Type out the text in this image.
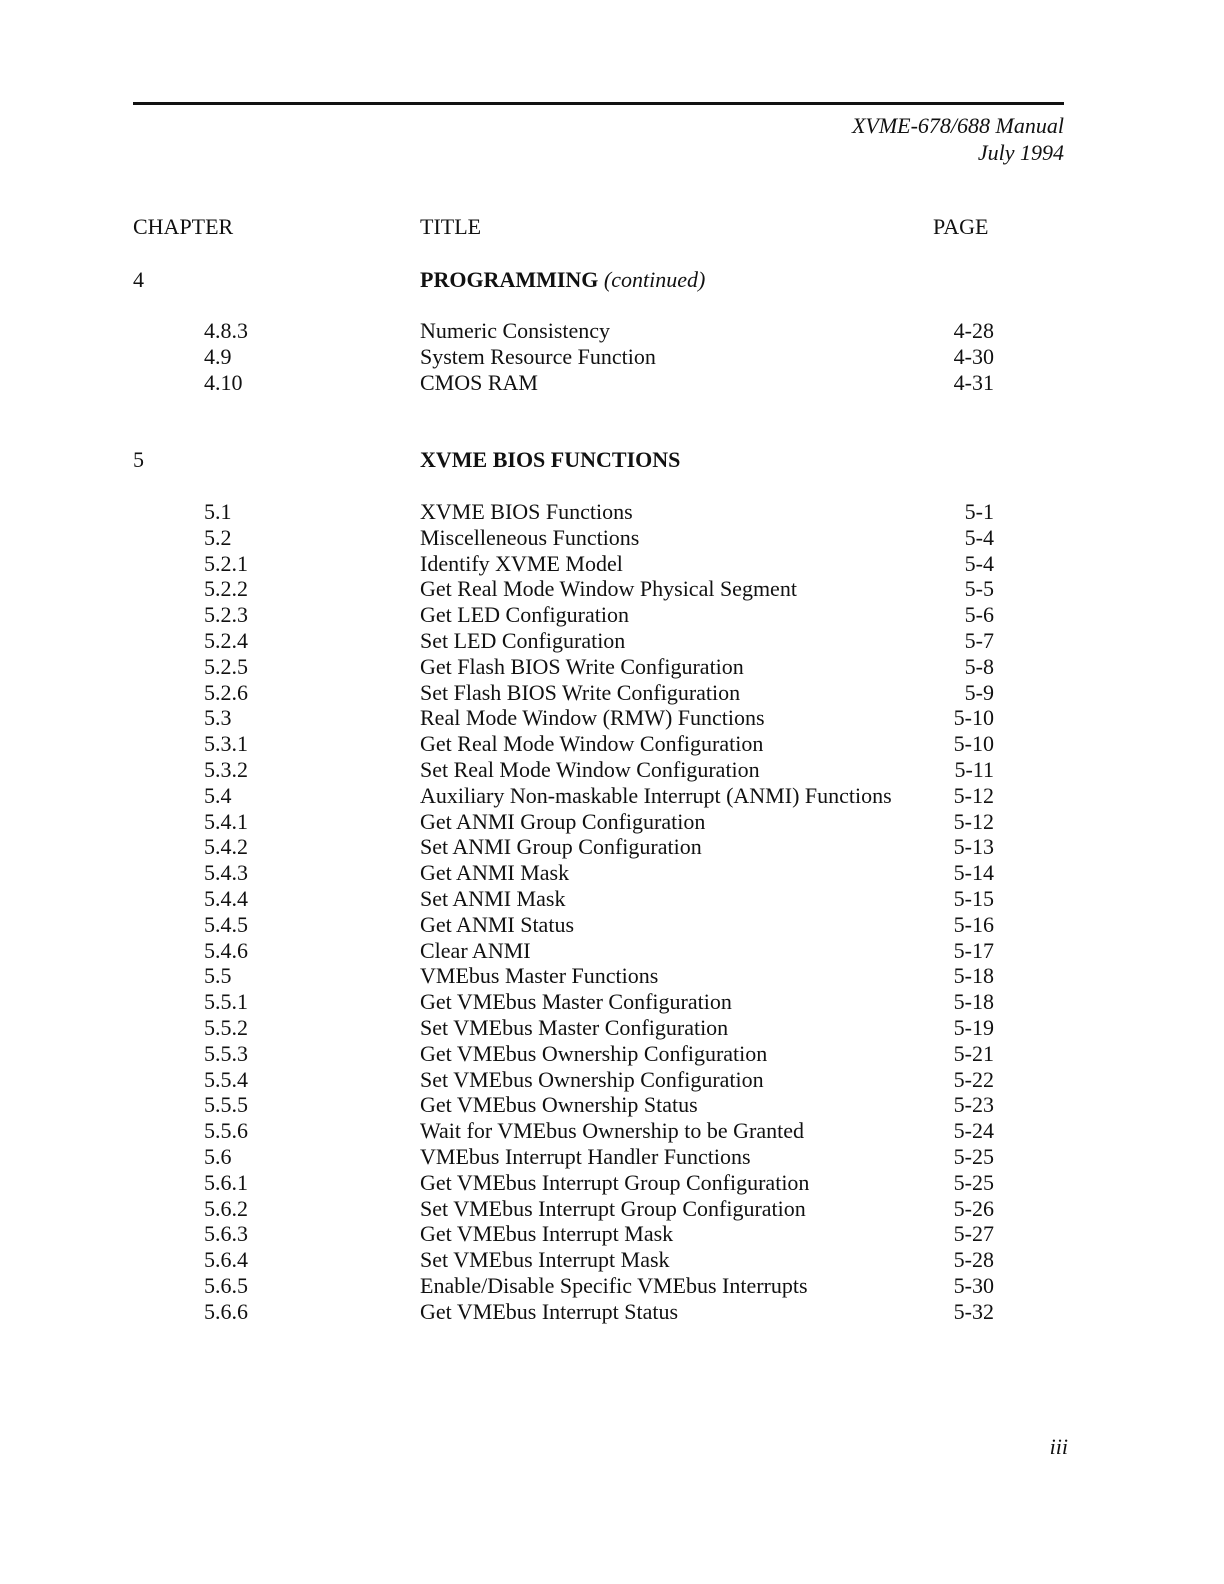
XVME-678/688 Manual
July 1994
CHAPTER	TITLE	PAGE
4	PROGRAMMING (continued)
4.8.3	Numeric Consistency	4-28
4.9	System Resource Function	4-30
4.10	CMOS RAM	4-31
5	XVME BIOS FUNCTIONS
5.1	XVME BIOS Functions	5-1
5.2	Miscelleneous Functions	5-4
5.2.1	Identify XVME Model	5-4
5.2.2	Get Real Mode Window Physical Segment	5-5
5.2.3	Get LED Configuration	5-6
5.2.4	Set LED Configuration	5-7
5.2.5	Get Flash BIOS Write Configuration	5-8
5.2.6	Set Flash BIOS Write Configuration	5-9
5.3	Real Mode Window (RMW) Functions	5-10
5.3.1	Get Real Mode Window Configuration	5-10
5.3.2	Set Real Mode Window Configuration	5-11
5.4	Auxiliary Non-maskable Interrupt (ANMI) Functions	5-12
5.4.1	Get ANMI Group Configuration	5-12
5.4.2	Set ANMI Group Configuration	5-13
5.4.3	Get ANMI Mask	5-14
5.4.4	Set ANMI Mask	5-15
5.4.5	Get ANMI Status	5-16
5.4.6	Clear ANMI	5-17
5.5	VMEbus Master Functions	5-18
5.5.1	Get VMEbus Master Configuration	5-18
5.5.2	Set VMEbus Master Configuration	5-19
5.5.3	Get VMEbus Ownership Configuration	5-21
5.5.4	Set VMEbus Ownership Configuration	5-22
5.5.5	Get VMEbus Ownership Status	5-23
5.5.6	Wait for VMEbus Ownership to be Granted	5-24
5.6	VMEbus Interrupt Handler Functions	5-25
5.6.1	Get VMEbus Interrupt Group Configuration	5-25
5.6.2	Set VMEbus Interrupt Group Configuration	5-26
5.6.3	Get VMEbus Interrupt Mask	5-27
5.6.4	Set VMEbus Interrupt Mask	5-28
5.6.5	Enable/Disable Specific VMEbus Interrupts	5-30
5.6.6	Get VMEbus Interrupt Status	5-32
iii
